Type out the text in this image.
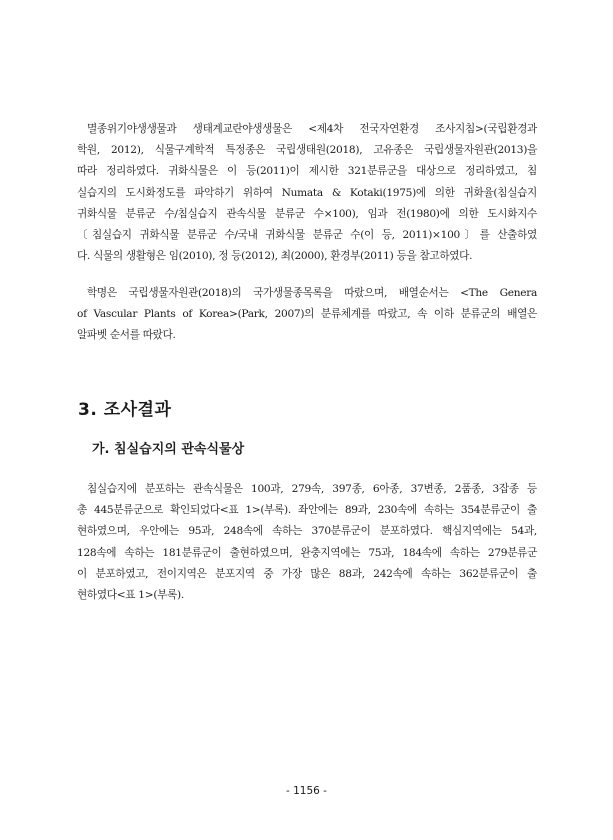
멸종위기야생생물과 생태계교란야생생물은 <제4차 전국자연환경 조사지침>(국립환경과

학원, 2012), 식물구계학적 특정종은 국립생태원(2018), 고유종은 국립생물자원관(2013)을

따라 정리하였다. 귀화식물은 이 등(2011)이 제시한 321분류군을 대상으로 정리하였고, 침

실습지의 도시화정도를 파악하기 위하여 Numata & Kotaki(1975)에 의한 귀화율(침실습지

귀화식물 분류군 수/침실습지 관속식물 분류군 수×100), 임과 전(1980)에 의한 도시화지수

〔침실습지 귀화식물 분류군 수/국내 귀화식물 분류군 수(이 등, 2011)×100〕를 산출하였

다. 식물의 생활형은 임(2010), 정 등(2012), 최(2000), 환경부(2011) 등을 참고하였다.

학명은 국립생물자원관(2018)의 국가생물종목록을 따랐으며, 배열순서는 <The Genera

of Vascular Plants of Korea>(Park, 2007)의 분류체계를 따랐고, 속 이하 분류군의 배열은

알파벳 순서를 따랐다.

3. 조사결과
가. 침실습지의 관속식물상

침실습지에 분포하는 관속식물은 100과, 279속, 397종, 6아종, 37변종, 2품종, 3잡종 등

총 445분류군으로 확인되었다<표 1>(부록). 좌안에는 89과, 230속에 속하는 354분류군이 출

현하였으며, 우안에는 95과, 248속에 속하는 370분류군이 분포하였다. 핵심지역에는 54과,

128속에 속하는 181분류군이 출현하였으며, 완충지역에는 75과, 184속에 속하는 279분류군

이 분포하였고, 전이지역은 분포지역 중 가장 많은 88과, 242속에 속하는 362분류군이 출

현하였다<표 1>(부록).

- 1156 -
